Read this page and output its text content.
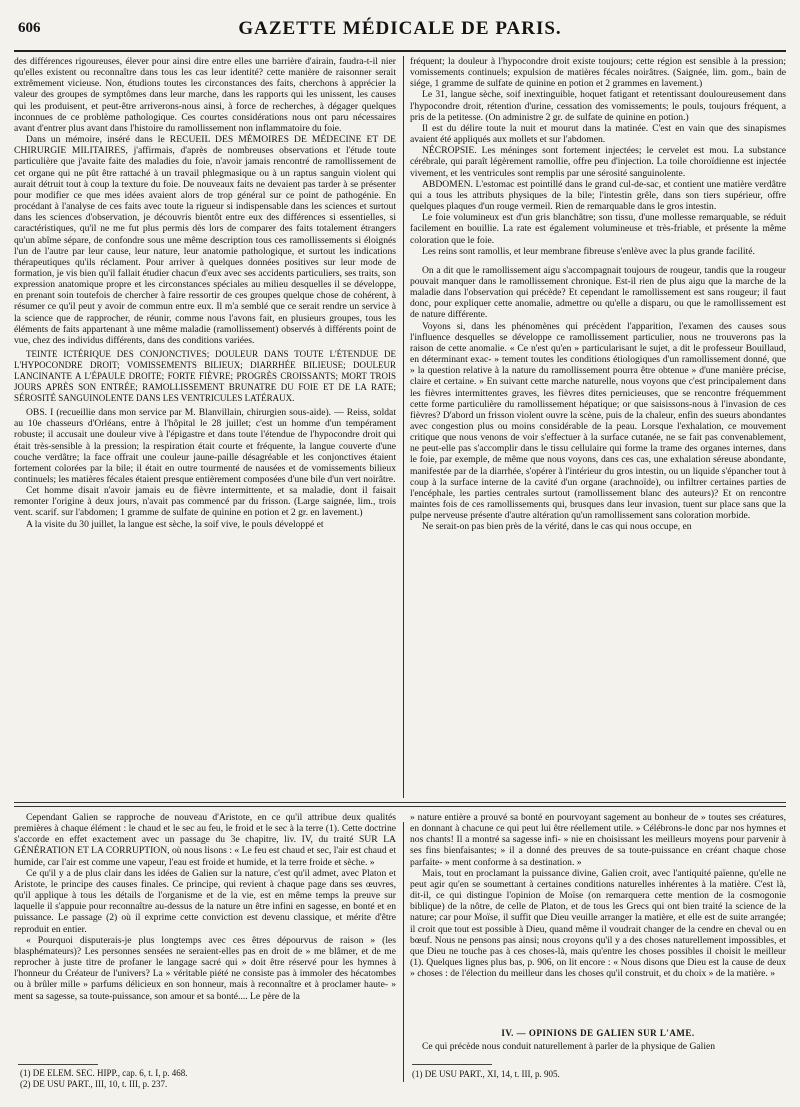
606	GAZETTE MÉDICALE DE PARIS.

des différences rigoureuses, élever pour ainsi dire entre elles une barrière d'airain, faudra-t-il nier qu'elles existent ou reconnaître dans tous les cas leur identité? cette manière de raisonner serait extrêmement vicieuse. Non, étudions toutes les circonstances des faits, cherchons à apprécier la valeur des groupes de symptômes dans leur marche, dans les rapports qui les unissent, les causes qui les produisent, et peut-être arriverons-nous ainsi, à force de recherches, à dégager quelques inconnues de ce problème pathologique. Ces courtes considérations nous ont paru nécessaires avant d'entrer plus avant dans l'histoire du ramollissement non inflammatoire du foie.

Dans un mémoire, inséré dans le RECUEIL DES MÉMOIRES DE MÉDECINE ET DE CHIRURGIE MILITAIRES, j'affirmais, d'après de nombreuses observations et l'étude toute particulière que j'avaite faite des maladies du foie, n'avoir jamais rencontré de ramollissement de cet organe qui ne pût être rattaché à un travail phlegmasique ou à un raptus sanguin violent qui aurait détruit tout à coup la texture du foie. De nouveaux faits ne devaient pas tarder à se présenter pour modifier ce que mes idées avaient alors de trop général sur ce point de pathogénie. En procédant à l'analyse de ces faits avec toute la rigueur si indispensable dans les sciences et surtout dans les sciences d'observation, je découvris bientôt entre eux des différences si essentielles, si caractéristiques, qu'il ne me fut plus permis dès lors de comparer des faits totalement étrangers qu'un abîme sépare, de confondre sous une même description tous ces ramollissements si éloignés l'un de l'autre par leur cause, leur nature, leur anatomie pathologique, et surtout les indications thérapeutiques qu'ils réclament. Pour arriver à quelques données positives sur leur mode de formation, je vis bien qu'il fallait étudier chacun d'eux avec ses accidents particuliers, ses traits, son expression anatomique propre et les circonstances spéciales au milieu desquelles il se développe, en prenant soin toutefois de chercher à faire ressortir de ces groupes quelque chose de cohérent, à résumer ce qu'il peut y avoir de commun entre eux. Il m'a semblé que ce serait rendre un service à la science que de rapprocher, de réunir, comme nous l'avons fait, en plusieurs groupes, tous les éléments de faits appartenant à une même maladie (ramollissement) observés à différents point de vue, chez des individus différents, dans des conditions variées.

TEINTE ICTÉRIQUE DES CONJONCTIVES; DOULEUR DANS TOUTE L'ÉTENDUE DE L'HYPOCONDRE DROIT; VOMISSEMENTS BILIEUX; DIARRHÉE BILIEUSE; DOULEUR LANCINANTE A L'ÉPAULE DROITE; FORTE FIÈVRE; PROGRÈS CROISSANTS; MORT TROIS JOURS APRÈS SON ENTRÉE; RAMOLLISSEMENT BRUNATRE DU FOIE ET DE LA RATE; SÉROSITÉ SANGUINOLENTE DANS LES VENTRICULES LATÉRAUX.

OBS. I (recueillie dans mon service par M. Blanvillain, chirurgien sous-aide). — Reiss, soldat au 10e chasseurs d'Orléans, entre à l'hôpital le 28 juillet; c'est un homme d'un tempérament robuste; il accusait une douleur vive à l'épigastre et dans toute l'étendue de l'hypocondre droit qui était très-sensible à la pression; la respiration était courte et fréquente, la langue couverte d'une couche verdâtre; la face offrait une couleur jaune-paille désagréable et les conjonctives étaient fortement colorées par la bile; il était en outre tourmenté de nausées et de vomissements bilieux continuels; les matières fécales étaient presque entièrement composées d'une bile d'un vert noirâtre.

Cet homme disait n'avoir jamais eu de fièvre intermittente, et sa maladie, dont il faisait remonter l'origine à deux jours, n'avait pas commencé par du frisson. (Large saignée, lim., trois vent. scarif. sur l'abdomen; 1 gramme de sulfate de quinine en potion et 2 gr. en lavement.)

A la visite du 30 juillet, la langue est sèche, la soif vive, le pouls développé et

fréquent; la douleur à l'hypocondre droit existe toujours; cette région est sensible à la pression; vomissements continuels; expulsion de matières fécales noirâtres. (Saignée, lim. gom., bain de siége, 1 gramme de sulfate de quinine en potion et 2 grammes en lavement.)

Le 31, langue sèche, soif inextinguible, hoquet fatigant et retentissant douloureusement dans l'hypocondre droit, rétention d'urine, cessation des vomissements; le pouls, toujours fréquent, a pris de la petitesse. (On administre 2 gr. de sulfate de quinine en potion.)

Il est du délire toute la nuit et mourut dans la matinée. C'est en vain que des sinapismes avaient été appliqués aux mollets et sur l'abdomen.

NÉCROPSIE. Les méninges sont fortement injectées; le cervelet est mou. La substance cérébrale, qui paraît légèrement ramollie, offre peu d'injection. La toile choroïdienne est injectée vivement, et les ventricules sont remplis par une sérosité sanguinolente.

ABDOMEN. L'estomac est pointillé dans le grand cul-de-sac, et contient une matière verdâtre qui a tous les attributs physiques de la bile; l'intestin grêle, dans son tiers supérieur, offre quelques plaques d'un rouge vermeil. Rien de remarquable dans le gros intestin.

Le foie volumineux est d'un gris blanchâtre; son tissu, d'une mollesse remarquable, se réduit facilement en bouillie. La rate est également volumineuse et très-friable, et présente la même coloration que le foie.

Les reins sont ramollis, et leur membrane fibreuse s'enlève avec la plus grande facilité.

On a dit que le ramollissement aigu s'accompagnait toujours de rougeur, tandis que la rougeur pouvait manquer dans le ramollissement chronique. Est-il rien de plus aigu que la marche de la maladie dans l'observation qui précède? Et cependant le ramollissement est sans rougeur; il faut donc, pour expliquer cette anomalie, admettre ou qu'elle a disparu, ou que le ramollissement est de nature différente.

Voyons si, dans les phénomènes qui précèdent l'apparition, l'examen des causes sous l'influence desquelles se développe ce ramollissement particulier, nous ne trouverons pas la raison de cette anomalie. « Ce n'est qu'en » particularisant le sujet, a dit le professeur Bouillaud, en déterminant exac- » tement toutes les conditions étiologiques d'un ramollissement donné, que » la question relative à la nature du ramollissement pourra être obtenue » d'une manière précise, claire et certaine. » En suivant cette marche naturelle, nous voyons que c'est principalement dans les fièvres intermittentes graves, les fièvres dites pernicieuses, que se rencontre fréquemment cette forme particulière du ramollissement hépatique; or que saisissons-nous à l'invasion de ces fièvres? D'abord un frisson violent ouvre la scène, puis de la chaleur, enfin des sueurs abondantes avec congestion plus ou moins considérable de la peau. Lorsque l'exhalation, ce mouvement critique que nous venons de voir s'effectuer à la surface cutanée, ne se fait pas convenablement, ne peut-elle pas s'accomplir dans le tissu cellulaire qui forme la trame des organes internes, dans le foie, par exemple, de même que nous voyons, dans ces cas, une exhalation séreuse abondante, manifestée par de la diarrhée, s'opérer à l'intérieur du gros intestin, ou un liquide s'épancher tout à coup à la surface interne de la cavité d'un organe (arachnoïde), ou infiltrer certaines parties de l'encéphale, les parties centrales surtout (ramollissement blanc des auteurs)? Et on rencontre maintes fois de ces ramollissements qui, brusques dans leur invasion, tuent sur place sans que la pulpe nerveuse présente d'autre altération qu'un ramollissement sans coloration morbide.

Ne serait-on pas bien près de la vérité, dans le cas qui nous occupe, en

Cependant Galien se rapproche de nouveau d'Aristote, en ce qu'il attribue deux qualités premières à chaque élément : le chaud et le sec au feu, le froid et le sec à la terre (1). Cette doctrine s'accorde en effet exactement avec un passage du 3e chapitre, liv. IV, du traité SUR LA GÉNÉRATION ET LA CORRUPTION, où nous lisons : « Le feu est chaud et sec, l'air est chaud et humide, car l'air est comme une vapeur, l'eau est froide et humide, et la terre froide et sèche. »

Ce qu'il y a de plus clair dans les idées de Galien sur la nature, c'est qu'il admet, avec Platon et Aristote, le principe des causes finales. Ce principe, qui revient à chaque page dans ses œuvres, qu'il applique à tous les détails de l'organisme et de la vie, est en même temps la preuve sur laquelle il s'appuie pour reconnaître au-dessus de la nature un être infini en sagesse, en bonté et en puissance. Le passage (2) où il exprime cette conviction est devenu classique, et mérite d'être reproduit en entier.

« Pourquoi disputerais-je plus longtemps avec ces êtres dépourvus de raison » (les blasphémateurs)? Les personnes sensées ne seraient-elles pas en droit de » me blâmer, et de me reprocher à juste titre de profaner le langage sacré qui » doit être réservé pour les hymnes à l'honneur du Créateur de l'univers? La » véritable piété ne consiste pas à immoler des hécatombes ou à brûler mille » parfums délicieux en son honneur, mais à reconnaître et à proclamer haute- » ment sa sagesse, sa toute-puissance, son amour et sa bonté.... Le père de la

» nature entière a prouvé sa bonté en pourvoyant sagement au bonheur de » toutes ses créatures, en donnant à chacune ce qui peut lui être réellement utile. » Célébrons-le donc par nos hymnes et nos chants! Il a montré sa sagesse infi- » nie en choisissant les meilleurs moyens pour parvenir à ses fins bienfaisantes; » il a donné des preuves de sa toute-puissance en créant chaque chose parfaite- » ment conforme à sa destination. »

Mais, tout en proclamant la puissance divine, Galien croit, avec l'antiquité païenne, qu'elle ne peut agir qu'en se soumettant à certaines conditions naturelles inhérentes à la matière. C'est là, dit-il, ce qui distingue l'opinion de Moïse (on remarquera cette mention de la cosmogonie biblique) de la nôtre, de celle de Platon, et de tous les Grecs qui ont bien traité la science de la nature; car pour Moïse, il suffit que Dieu veuille arranger la matière, et elle est de suite arrangée; il croit que tout est possible à Dieu, quand même il voudrait changer de la cendre en cheval ou en bœuf. Nous ne pensons pas ainsi; nous croyons qu'il y a des choses naturellement impossibles, et que Dieu ne touche pas à ces choses-là, mais qu'entre les choses possibles il choisit le meilleur (1). Quelques lignes plus bas, p. 906, on lit encore : « Nous disons que Dieu est la cause de deux » choses : de l'élection du meilleur dans les choses qu'il construit, et du choix » de la matière. »

IV. — OPINIONS DE GALIEN SUR L'AME.

Ce qui précède nous conduit naturellement à parler de la physique de Galien

(1) DE ELEM. SEC. HIPP., cap. 6, t. I, p. 468.
(2) DE USU PART., III, 10, t. III, p. 237.
(1) DE USU PART., XI, 14, t. III, p. 905.
